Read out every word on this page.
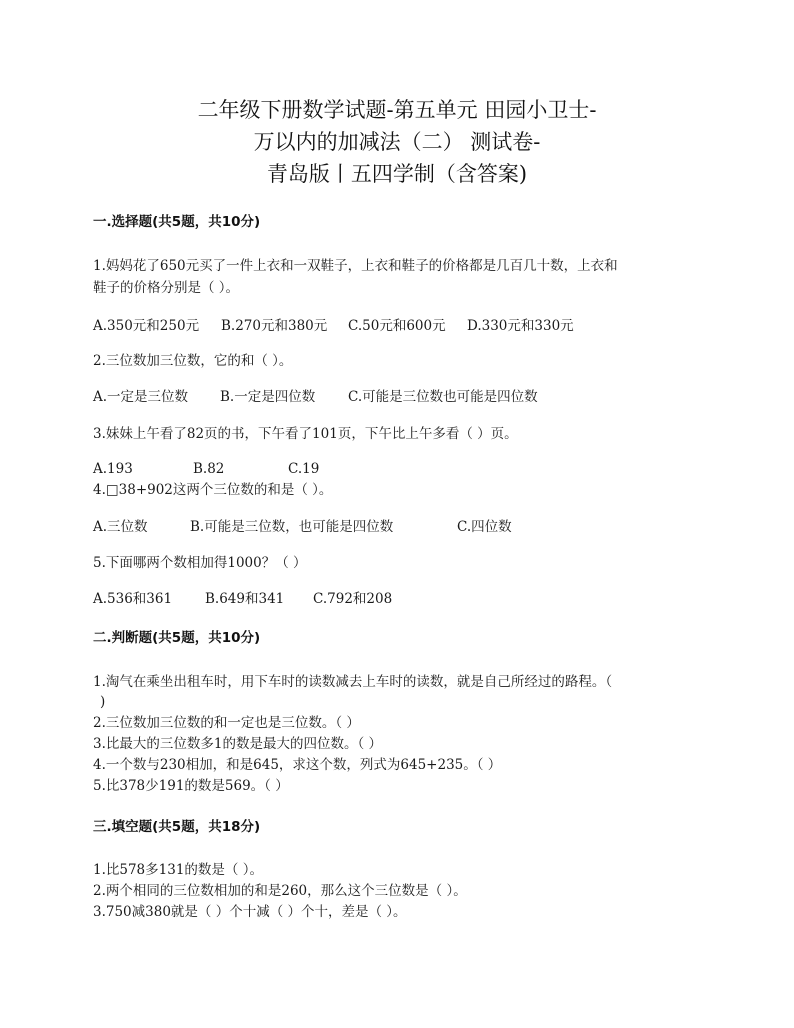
二年级下册数学试题-第五单元 田园小卫士-
万以内的加减法（二） 测试卷-
青岛版丨五四学制（含答案)
一.选择题(共5题，共10分)
1.妈妈花了650元买了一件上衣和一双鞋子，上衣和鞋子的价格都是几百几十数，上衣和
鞋子的价格分别是（ ）。
A.350元和250元 B.270元和380元 C.50元和600元 D.330元和330元
2.三位数加三位数，它的和（ ）。
A.一定是三位数 B.一定是四位数 C.可能是三位数也可能是四位数
3.妹妹上午看了82页的书，下午看了101页，下午比上午多看（ ）页。
A.193	B.82	C.19
4.□38+902这两个三位数的和是（ ）。
A.三位数	B.可能是三位数，也可能是四位数	C.四位数
5.下面哪两个数相加得1000？（ ）
A.536和361 B.649和341 C.792和208
二.判断题(共5题，共10分)
1.淘气在乘坐出租车时，用下车时的读数减去上车时的读数，就是自己所经过的路程。（
)
2.三位数加三位数的和一定也是三位数。（ ）
3.比最大的三位数多1的数是最大的四位数。（ ）
4.一个数与230相加，和是645，求这个数，列式为645+235。（ ）
5.比378少191的数是569。（ ）
三.填空题(共5题，共18分)
1.比578多131的数是（ ）。
2.两个相同的三位数相加的和是260，那么这个三位数是（ ）。
3.750减380就是（ ）个十减（ ）个十，差是（ ）。
